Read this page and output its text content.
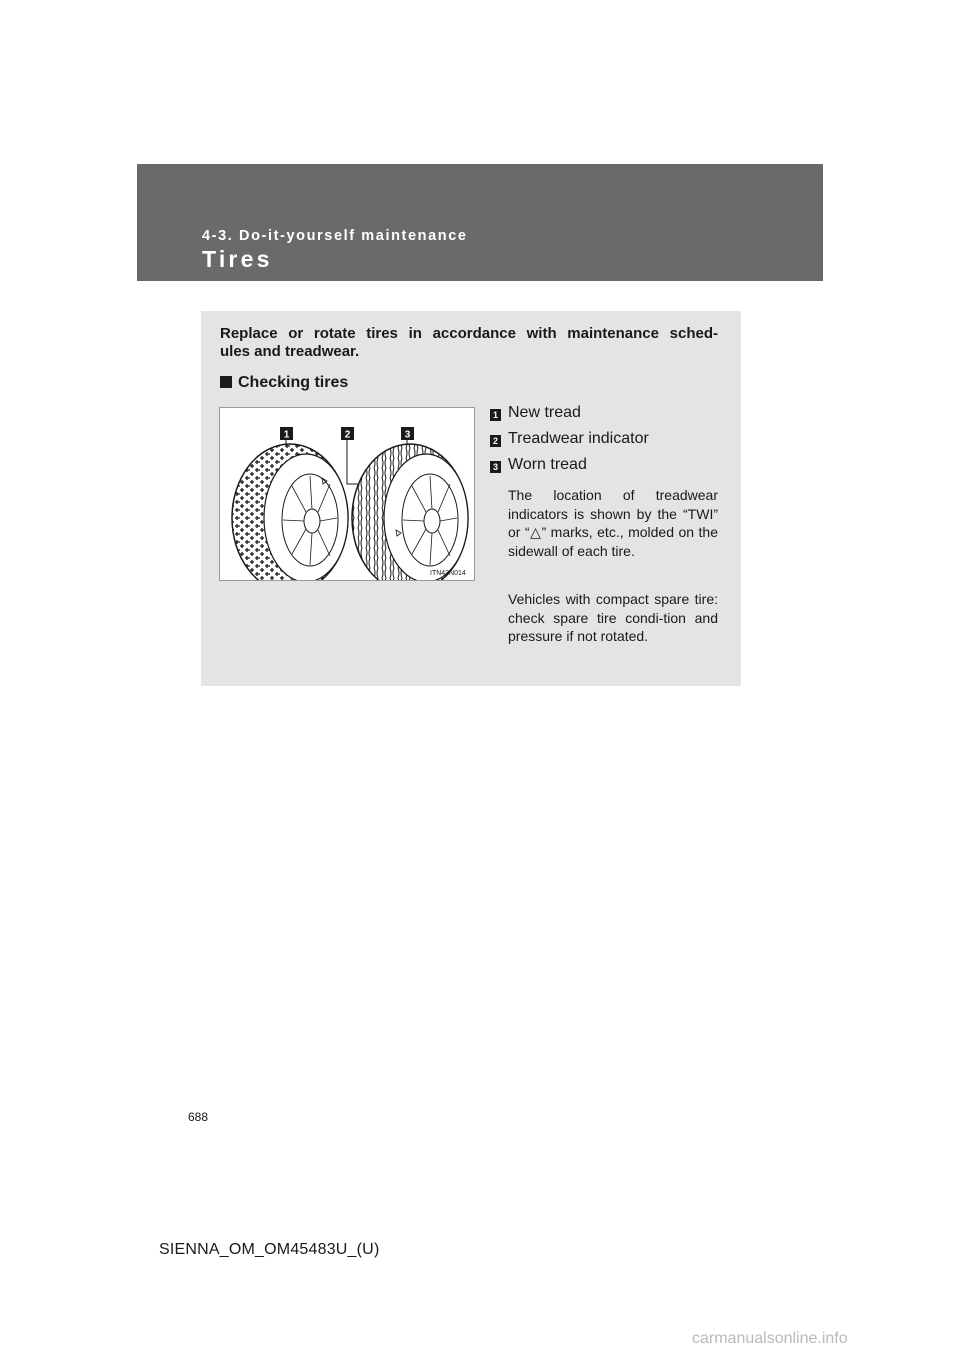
4-3. Do-it-yourself maintenance
Tires
Replace or rotate tires in accordance with maintenance sched-
ules and treadwear.
Checking tires
1	2	3
ITN43N014
1 New tread
2 Treadwear indicator
3 Worn tread
The location of treadwear indicators is shown by the “TWI” or “△” marks, etc., molded on the sidewall of each tire.
Vehicles with compact spare tire: check spare tire condi-tion and pressure if not rotated.
688
SIENNA_OM_OM45483U_(U)
carmanualsonline.info
